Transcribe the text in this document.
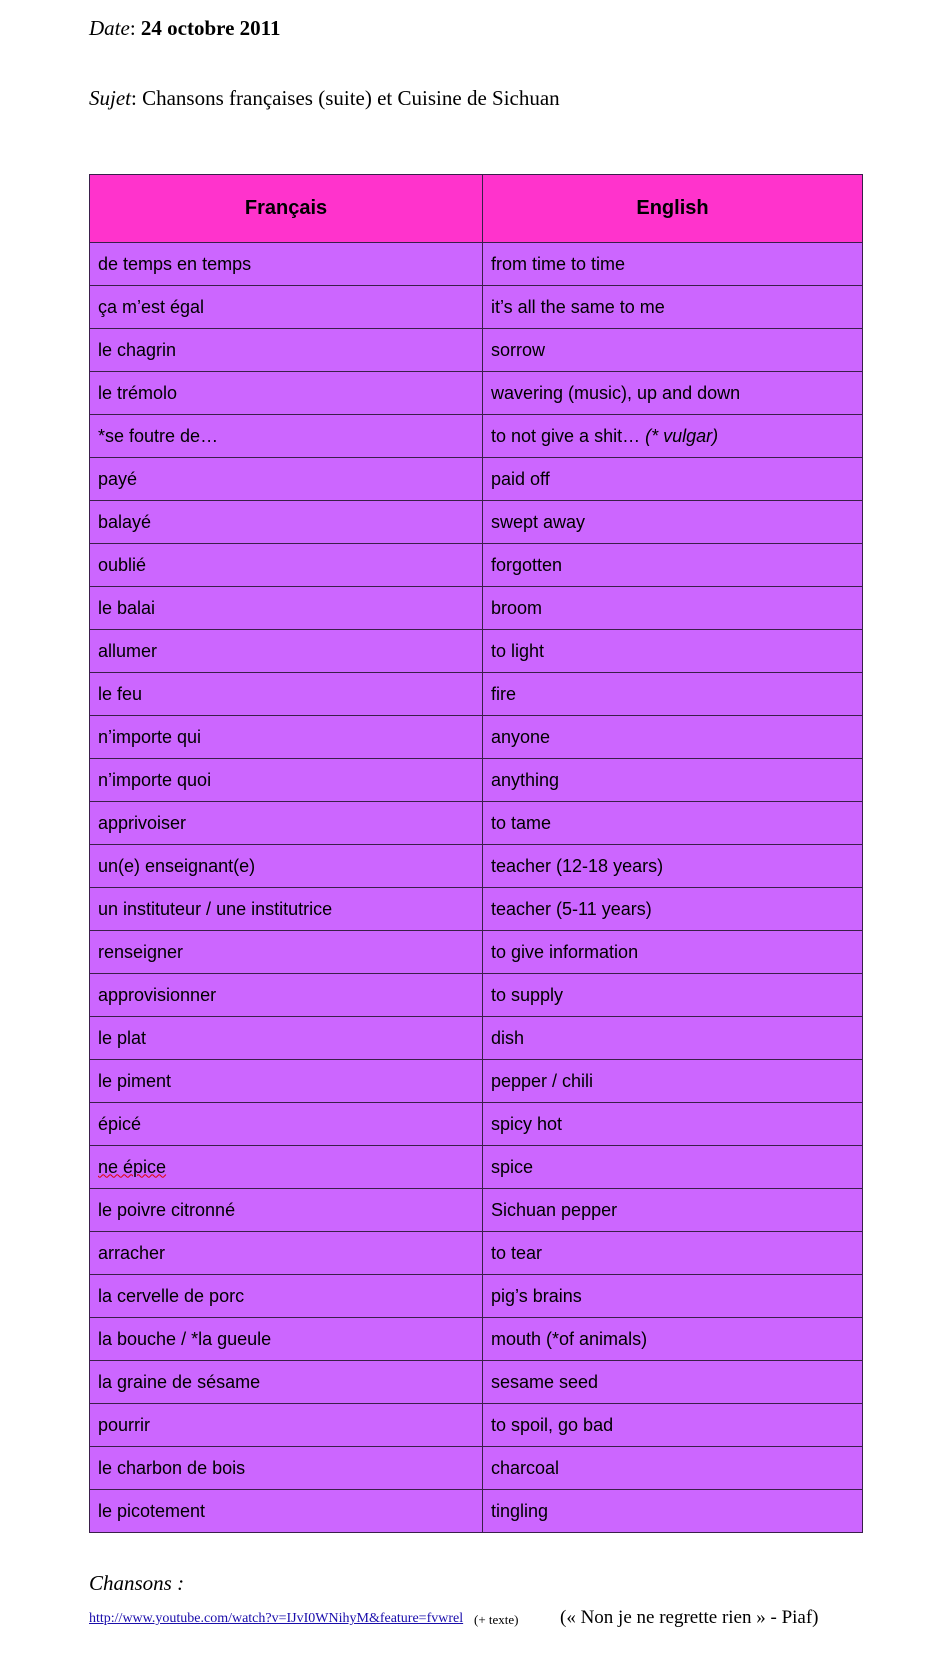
Date: 24 octobre 2011
Sujet: Chansons françaises (suite) et Cuisine de Sichuan
Français	English
de temps en temps	from time to time
ça m’est égal	it’s all the same to me
le chagrin	sorrow
le trémolo	wavering (music), up and down
*se foutre de…	to not give a shit… (* vulgar)
payé	paid off
balayé	swept away
oublié	forgotten
le balai	broom
allumer	to light
le feu	fire
n’importe qui	anyone
n’importe quoi	anything
apprivoiser	to tame
un(e) enseignant(e)	teacher (12-18 years)
un instituteur / une institutrice	teacher (5-11 years)
renseigner	to give information
approvisionner	to supply
le plat	dish
le piment	pepper / chili
épicé	spicy hot
ne épice	spice
le poivre citronné	Sichuan pepper
arracher	to tear
la cervelle de porc	pig’s brains
la bouche / *la gueule	mouth (*of animals)
la graine de sésame	sesame seed
pourrir	to spoil, go bad
le charbon de bois	charcoal
le picotement	tingling
Chansons :
http://www.youtube.com/watch?v=IJvI0WNihyM&feature=fvwrel (+ texte) (« Non je ne regrette rien » - Piaf)
